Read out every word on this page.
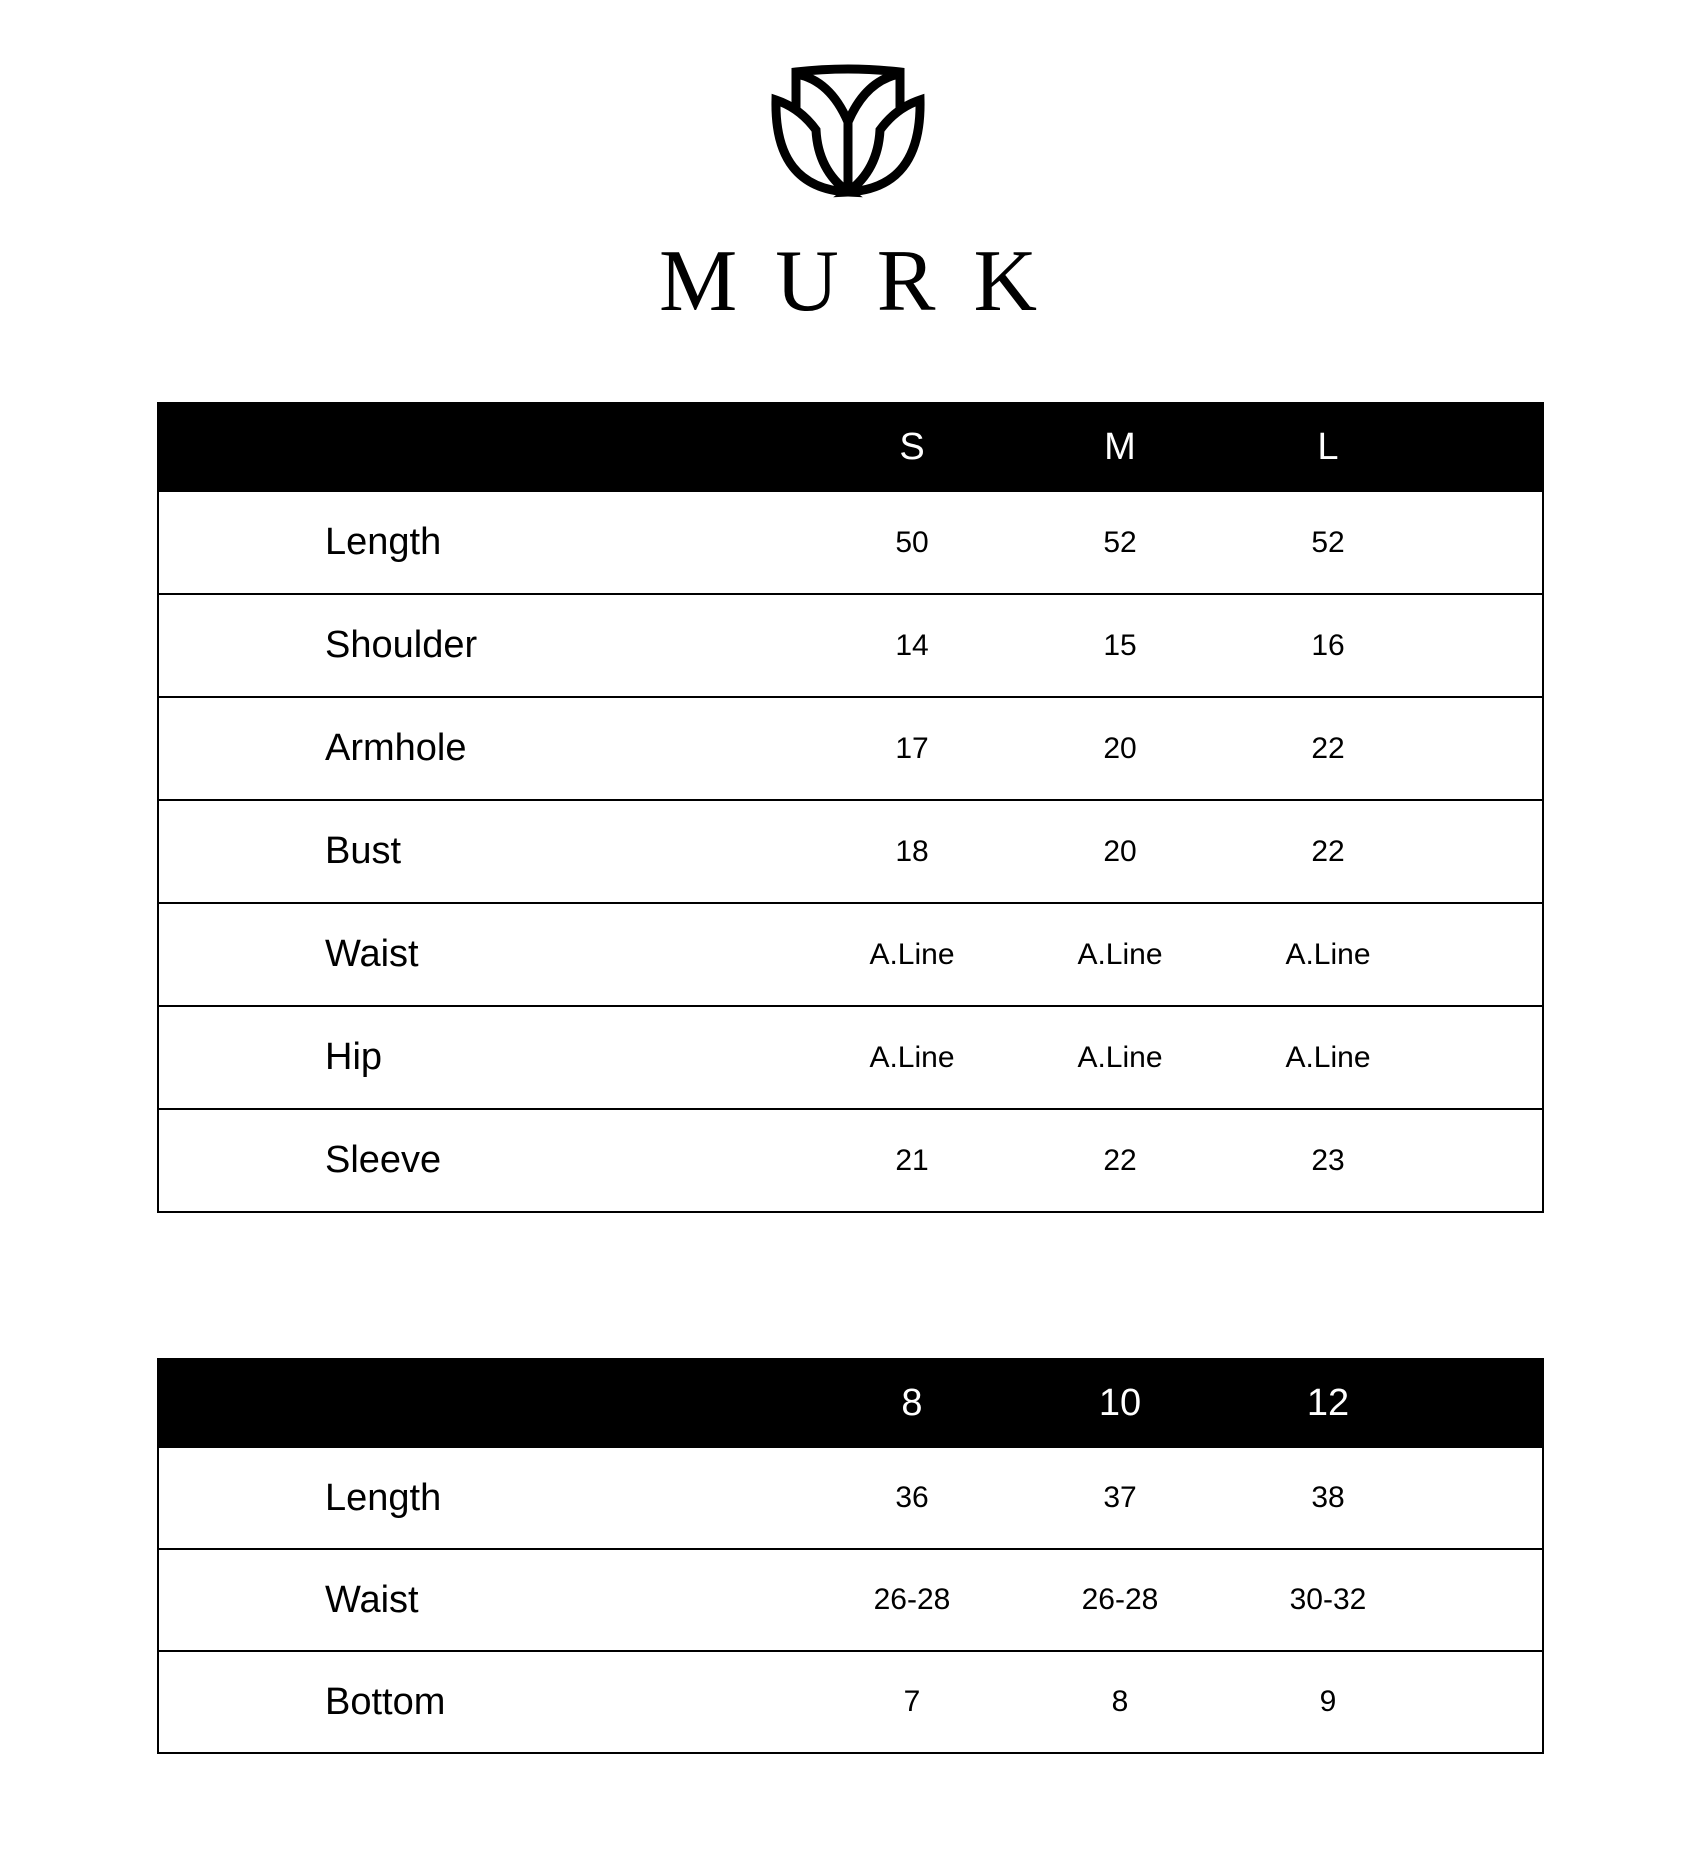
MURK
	S	M	L	
Length	50	52	52	
Shoulder	14	15	16	
Armhole	17	20	22	
Bust	18	20	22	
Waist	A.Line	A.Line	A.Line	
Hip	A.Line	A.Line	A.Line	
Sleeve	21	22	23	
	8	10	12	
Length	36	37	38	
Waist	26-28	26-28	30-32	
Bottom	7	8	9	
